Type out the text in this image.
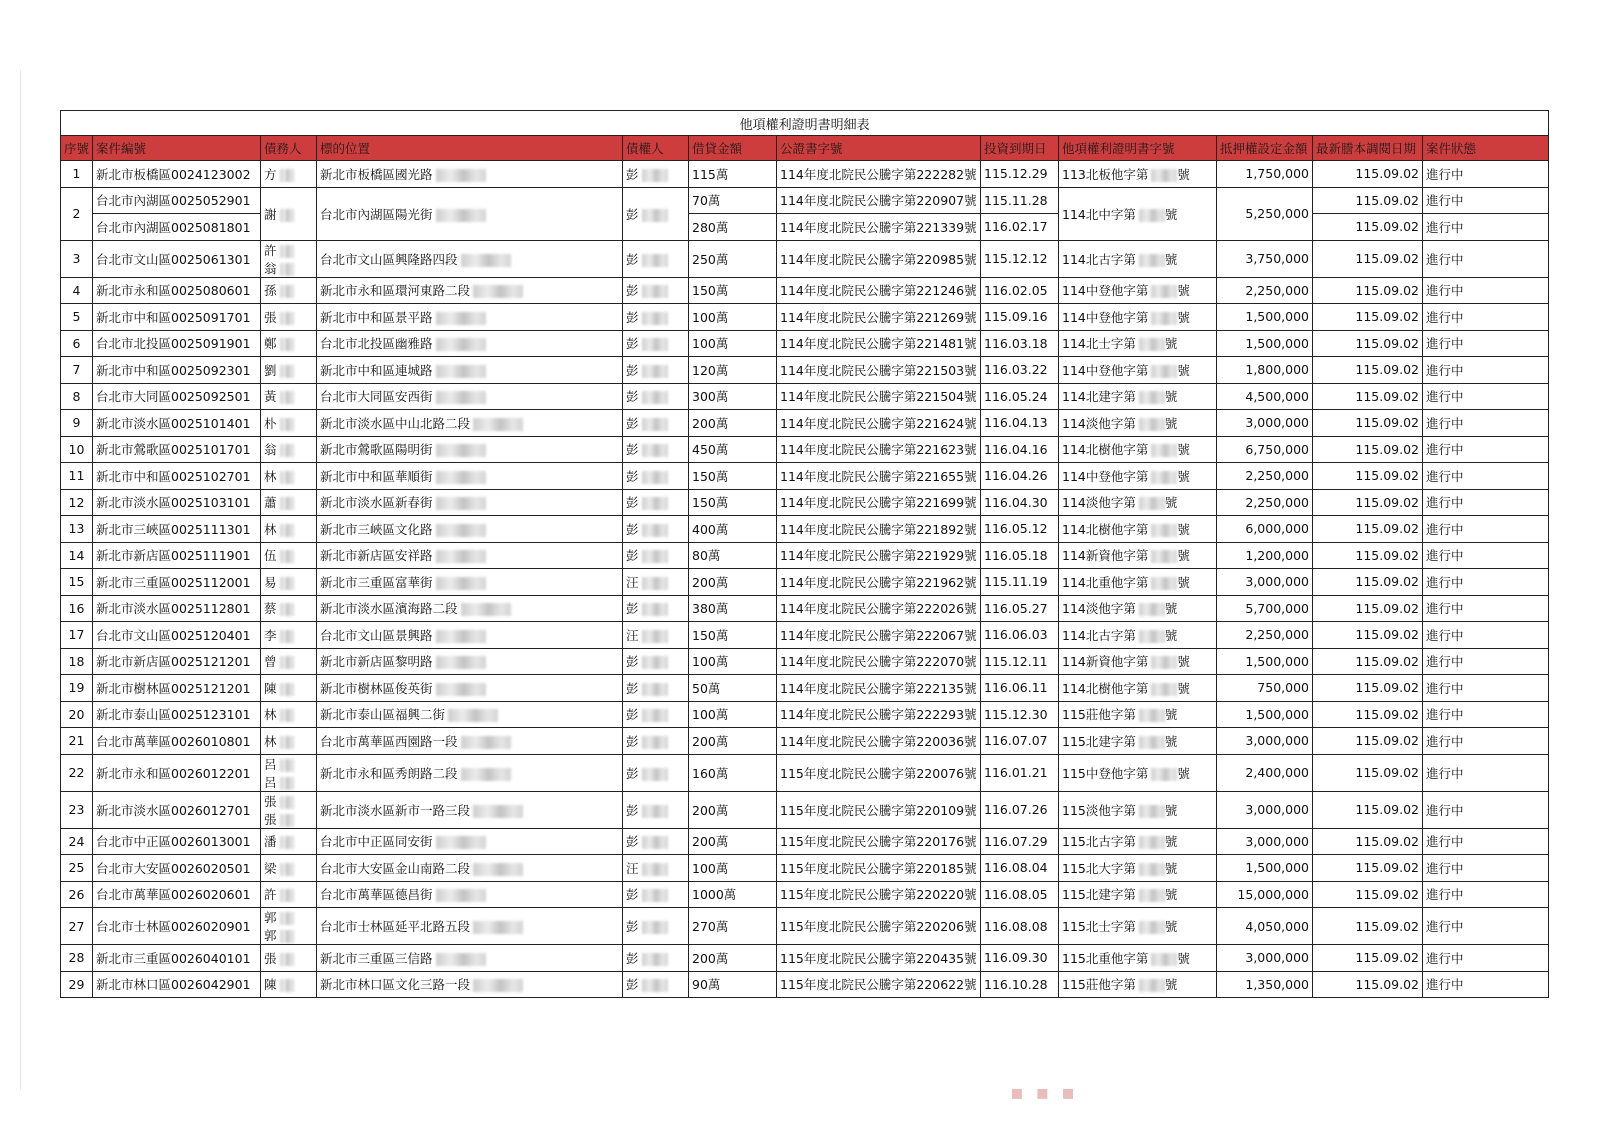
他項權利證明書明細表											
序號	案件編號	債務人	標的位置	債權人	借貸金額	公證書字號	投資到期日	他項權利證明書字號	抵押權設定金額	最新謄本調閱日期	案件狀態
1	新北市板橋區0024123002	方	新北市板橋區國光路	彭	115萬	114年度北院民公騰字第222282號	115.12.29	113北板他字第 號	1,750,000	115.09.02	進行中
2	台北市內湖區0025052901	謝	台北市內湖區陽光街	彭	70萬	114年度北院民公騰字第220907號	115.11.28	114北中字第 號	5,250,000	115.09.02	進行中
	台北市內湖區0025081801				280萬	114年度北院民公騰字第221339號	116.02.17			115.09.02	進行中
3	台北市文山區0025061301	許
翁	台北市文山區興隆路四段	彭	250萬	114年度北院民公騰字第220985號	115.12.12	114北古字第 號	3,750,000	115.09.02	進行中
4	新北市永和區0025080601	孫	新北市永和區環河東路二段	彭	150萬	114年度北院民公騰字第221246號	116.02.05	114中登他字第 號	2,250,000	115.09.02	進行中
5	新北市中和區0025091701	張	新北市中和區景平路	彭	100萬	114年度北院民公騰字第221269號	115.09.16	114中登他字第 號	1,500,000	115.09.02	進行中
6	台北市北投區0025091901	鄭	台北市北投區幽雅路	彭	100萬	114年度北院民公騰字第221481號	116.03.18	114北士字第 號	1,500,000	115.09.02	進行中
7	新北市中和區0025092301	劉	新北市中和區連城路	彭	120萬	114年度北院民公騰字第221503號	116.03.22	114中登他字第 號	1,800,000	115.09.02	進行中
8	台北市大同區0025092501	黃	台北市大同區安西街	彭	300萬	114年度北院民公騰字第221504號	116.05.24	114北建字第 號	4,500,000	115.09.02	進行中
9	新北市淡水區0025101401	朴	新北市淡水區中山北路二段	彭	200萬	114年度北院民公騰字第221624號	116.04.13	114淡他字第 號	3,000,000	115.09.02	進行中
10	新北市鶯歌區0025101701	翁	新北市鶯歌區陽明街	彭	450萬	114年度北院民公騰字第221623號	116.04.16	114北樹他字第 號	6,750,000	115.09.02	進行中
11	新北市中和區0025102701	林	新北市中和區華順街	彭	150萬	114年度北院民公騰字第221655號	116.04.26	114中登他字第 號	2,250,000	115.09.02	進行中
12	新北市淡水區0025103101	蕭	新北市淡水區新春街	彭	150萬	114年度北院民公騰字第221699號	116.04.30	114淡他字第 號	2,250,000	115.09.02	進行中
13	新北市三峽區0025111301	林	新北市三峽區文化路	彭	400萬	114年度北院民公騰字第221892號	116.05.12	114北樹他字第 號	6,000,000	115.09.02	進行中
14	新北市新店區0025111901	伍	新北市新店區安祥路	彭	80萬	114年度北院民公騰字第221929號	116.05.18	114新資他字第 號	1,200,000	115.09.02	進行中
15	新北市三重區0025112001	易	新北市三重區富華街	汪	200萬	114年度北院民公騰字第221962號	115.11.19	114北重他字第 號	3,000,000	115.09.02	進行中
16	新北市淡水區0025112801	蔡	新北市淡水區濱海路二段	彭	380萬	114年度北院民公騰字第222026號	116.05.27	114淡他字第 號	5,700,000	115.09.02	進行中
17	台北市文山區0025120401	李	台北市文山區景興路	汪	150萬	114年度北院民公騰字第222067號	116.06.03	114北古字第 號	2,250,000	115.09.02	進行中
18	新北市新店區0025121201	曾	新北市新店區黎明路	彭	100萬	114年度北院民公騰字第222070號	115.12.11	114新資他字第 號	1,500,000	115.09.02	進行中
19	新北市樹林區0025121201	陳	新北市樹林區俊英街	彭	50萬	114年度北院民公騰字第222135號	116.06.11	114北樹他字第 號	750,000	115.09.02	進行中
20	新北市泰山區0025123101	林	新北市泰山區福興二街	彭	100萬	114年度北院民公騰字第222293號	115.12.30	115莊他字第 號	1,500,000	115.09.02	進行中
21	台北市萬華區0026010801	林	台北市萬華區西園路一段	彭	200萬	114年度北院民公騰字第220036號	116.07.07	115北建字第 號	3,000,000	115.09.02	進行中
22	新北市永和區0026012201	呂
呂	新北市永和區秀朗路二段	彭	160萬	115年度北院民公騰字第220076號	116.01.21	115中登他字第 號	2,400,000	115.09.02	進行中
23	新北市淡水區0026012701	張
張	新北市淡水區新市一路三段	彭	200萬	115年度北院民公騰字第220109號	116.07.26	115淡他字第 號	3,000,000	115.09.02	進行中
24	台北市中正區0026013001	潘	台北市中正區同安街	彭	200萬	115年度北院民公騰字第220176號	116.07.29	115北古字第 號	3,000,000	115.09.02	進行中
25	台北市大安區0026020501	梁	台北市大安區金山南路二段	汪	100萬	115年度北院民公騰字第220185號	116.08.04	115北大字第 號	1,500,000	115.09.02	進行中
26	台北市萬華區0026020601	許	台北市萬華區德昌街	彭	1000萬	115年度北院民公騰字第220220號	116.08.05	115北建字第 號	15,000,000	115.09.02	進行中
27	台北市士林區0026020901	郭
郭	台北市士林區延平北路五段	彭	270萬	115年度北院民公騰字第220206號	116.08.08	115北士字第 號	4,050,000	115.09.02	進行中
28	新北市三重區0026040101	張	新北市三重區三信路	彭	200萬	115年度北院民公騰字第220435號	116.09.30	115北重他字第 號	3,000,000	115.09.02	進行中
29	新北市林口區0026042901	陳	新北市林口區文化三路一段	彭	90萬	115年度北院民公騰字第220622號	116.10.28	115莊他字第 號	1,350,000	115.09.02	進行中
▪▪▪
